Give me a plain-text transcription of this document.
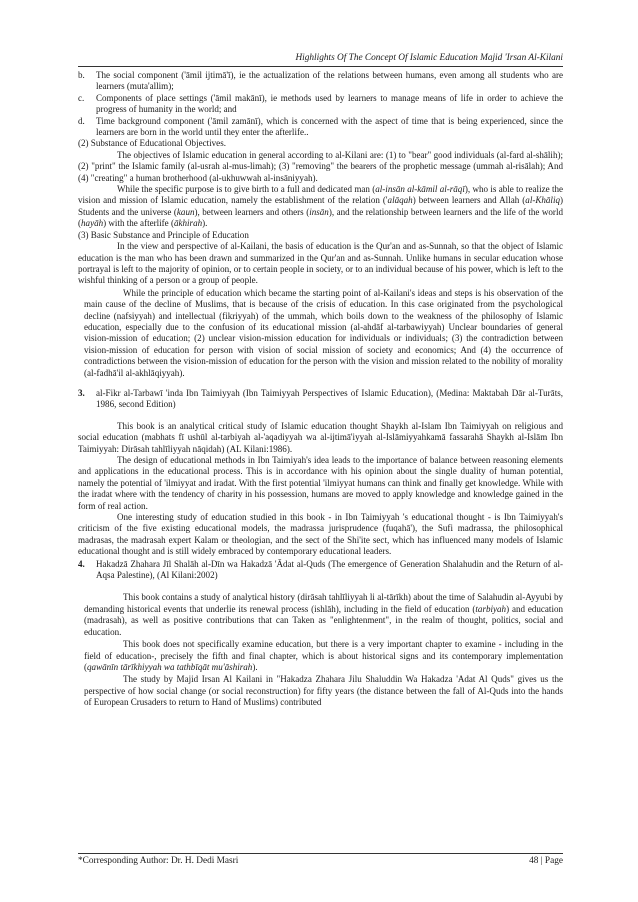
Highlights Of The Concept Of Islamic Education Majid 'Irsan Al-Kilani
b.	The social component ('āmil ijtimā'ī), ie the actualization of the relations between humans, even among all students who are learners (muta'allim);
c.	Components of place settings ('āmil makānī), ie methods used by learners to manage means of life in order to achieve the progress of humanity in the world; and
d.	Time background component ('āmil zamānī), which is concerned with the aspect of time that is being experienced, since the learners are born in the world until they enter the afterlife..

(2) Substance of Educational Objectives.

The objectives of Islamic education in general according to al-Kilani are: (1) to "bear" good individuals (al-fard al-shālih); (2) "print" the Islamic family (al-usrah al-mus-limah); (3) "removing" the bearers of the prophetic message (ummah al-risālah); And (4) "creating" a human brotherhood (al-ukhuwwah al-insāniyyah).

While the specific purpose is to give birth to a full and dedicated man (al-insān al-kāmil al-rāqī), who is able to realize the vision and mission of Islamic education, namely the establishment of the relation ('alāqah) between learners and Allah (al-Khāliq) Students and the universe (kaun), between learners and others (insān), and the relationship between learners and the life of the world (hayāh) with the afterlife (ākhirah).

(3) Basic Substance and Principle of Education

In the view and perspective of al-Kailani, the basis of education is the Qur'an and as-Sunnah, so that the object of Islamic education is the man who has been drawn and summarized in the Qur'an and as-Sunnah. Unlike humans in secular education whose portrayal is left to the majority of opinion, or to certain people in society, or to an individual because of his power, which is left to the wishful thinking of a person or a group of people.

While the principle of education which became the starting point of al-Kailani's ideas and steps is his observation of the main cause of the decline of Muslims, that is because of the crisis of education. In this case originated from the psychological decline (nafsiyyah) and intellectual (fikriyyah) of the ummah, which boils down to the weakness of the philosophy of Islamic education, especially due to the confusion of its educational mission (al-ahdāf al-tarbawiyyah) Unclear boundaries of general vision-mission of education; (2) unclear vision-mission education for individuals or individuals; (3) the contradiction between vision-mission of education for person with vision of social mission of society and economics; And (4) the occurrence of contradictions between the vision-mission of education for the person with the vision and mission related to the nobility of morality (al-fadhā'il al-akhlāqiyyah).

3.	al-Fikr al-Tarbawī 'inda Ibn Taimiyyah (Ibn Taimiyyah Perspectives of Islamic Education), (Medina: Maktabah Dār al-Turāts, 1986, second Edition)

This book is an analytical critical study of Islamic education thought Shaykh al-Islam Ibn Taimiyyah on religious and social education (mabhats fī ushūl al-tarbiyah al-'aqadiyyah wa al-ijtimā'iyyah al-Islāmiyyahkamā fassarahā Shaykh al-Islām Ibn Taimiyyah: Dirāsah tahlīliyyah nāqidah) (AL Kilani:1986).

The design of educational methods in Ibn Taimiyah's idea leads to the importance of balance between reasoning elements and applications in the educational process. This is in accordance with his opinion about the single duality of human potential, namely the potential of 'ilmiyyat and iradat. With the first potential 'ilmiyyat humans can think and finally get knowledge. While with the iradat where with the tendency of charity in his possession, humans are moved to apply knowledge and knowledge gained in the form of real action.

One interesting study of education studied in this book - in Ibn Taimiyyah 's educational thought - is Ibn Taimiyyah's criticism of the five existing educational models, the madrassa jurisprudence (fuqahā'), the Sufi madrassa, the philosophical madrasas, the madrasah expert Kalam or theologian, and the sect of the Shi'ite sect, which has influenced many models of Islamic educational thought and is still widely embraced by contemporary educational leaders.

4.	Hakadzā Zhahara Jīl Shalāh al-Dīn wa Hakadzā 'Ādat al-Quds (The emergence of Generation Shalahudin and the Return of al-Aqsa Palestine), (Al Kilani:2002)

This book contains a study of analytical history (dirāsah tahlīliyyah li al-tārīkh) about the time of Salahudin al-Ayyubi by demanding historical events that underlie its renewal process (ishlāh), including in the field of education (tarbiyah) and education (madrasah), as well as positive contributions that can Taken as "enlightenment", in the realm of thought, politics, social and education.

This book does not specifically examine education, but there is a very important chapter to examine - including in the field of education-, precisely the fifth and final chapter, which is about historical signs and its contemporary implementation (qawānīn tārīkhiyyah wa tathbīqāt mu'āshirah).

The study by Majid Irsan Al Kailani in "Hakadza Zhahara Jilu Shaluddin Wa Hakadza 'Adat Al Quds" gives us the perspective of how social change (or social reconstruction) for fifty years (the distance between the fall of Al-Quds into the hands of European Crusaders to return to Hand of Muslims) contributed

*Corresponding Author: Dr. H. Dedi Masri	48 | Page
